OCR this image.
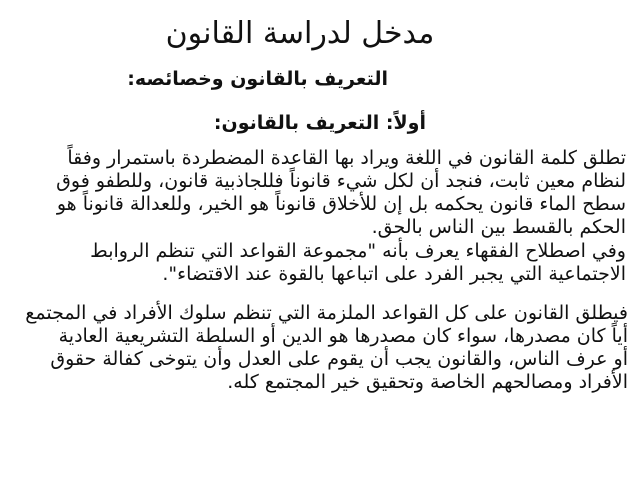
مدخل لدراسة القانون
التعريف بالقانون وخصائصه:
أولاً: التعريف بالقانون:
تطلق كلمة القانون في اللغة ويراد بها القاعدة المضطردة باستمرار وفقاً
لنظام معين ثابت، فنجد أن لكل شيء قانوناً فللجاذبية قانون، وللطفو فوق
سطح الماء قانون يحكمه بل إن للأخلاق قانوناً هو الخير، وللعدالة قانوناً هو
الحكم بالقسط بين الناس بالحق.
وفي اصطلاح الفقهاء يعرف بأنه "مجموعة القواعد التي تنظم الروابط
الاجتماعية التي يجبر الفرد على اتباعها بالقوة عند الاقتضاء".
فيطلق القانون على كل القواعد الملزمة التي تنظم سلوك الأفراد في المجتمع
أياً كان مصدرها، سواء كان مصدرها هو الدين أو السلطة التشريعية العادية
أو عرف الناس، والقانون يجب أن يقوم على العدل وأن يتوخى كفالة حقوق
الأفراد ومصالحهم الخاصة وتحقيق خير المجتمع كله.
